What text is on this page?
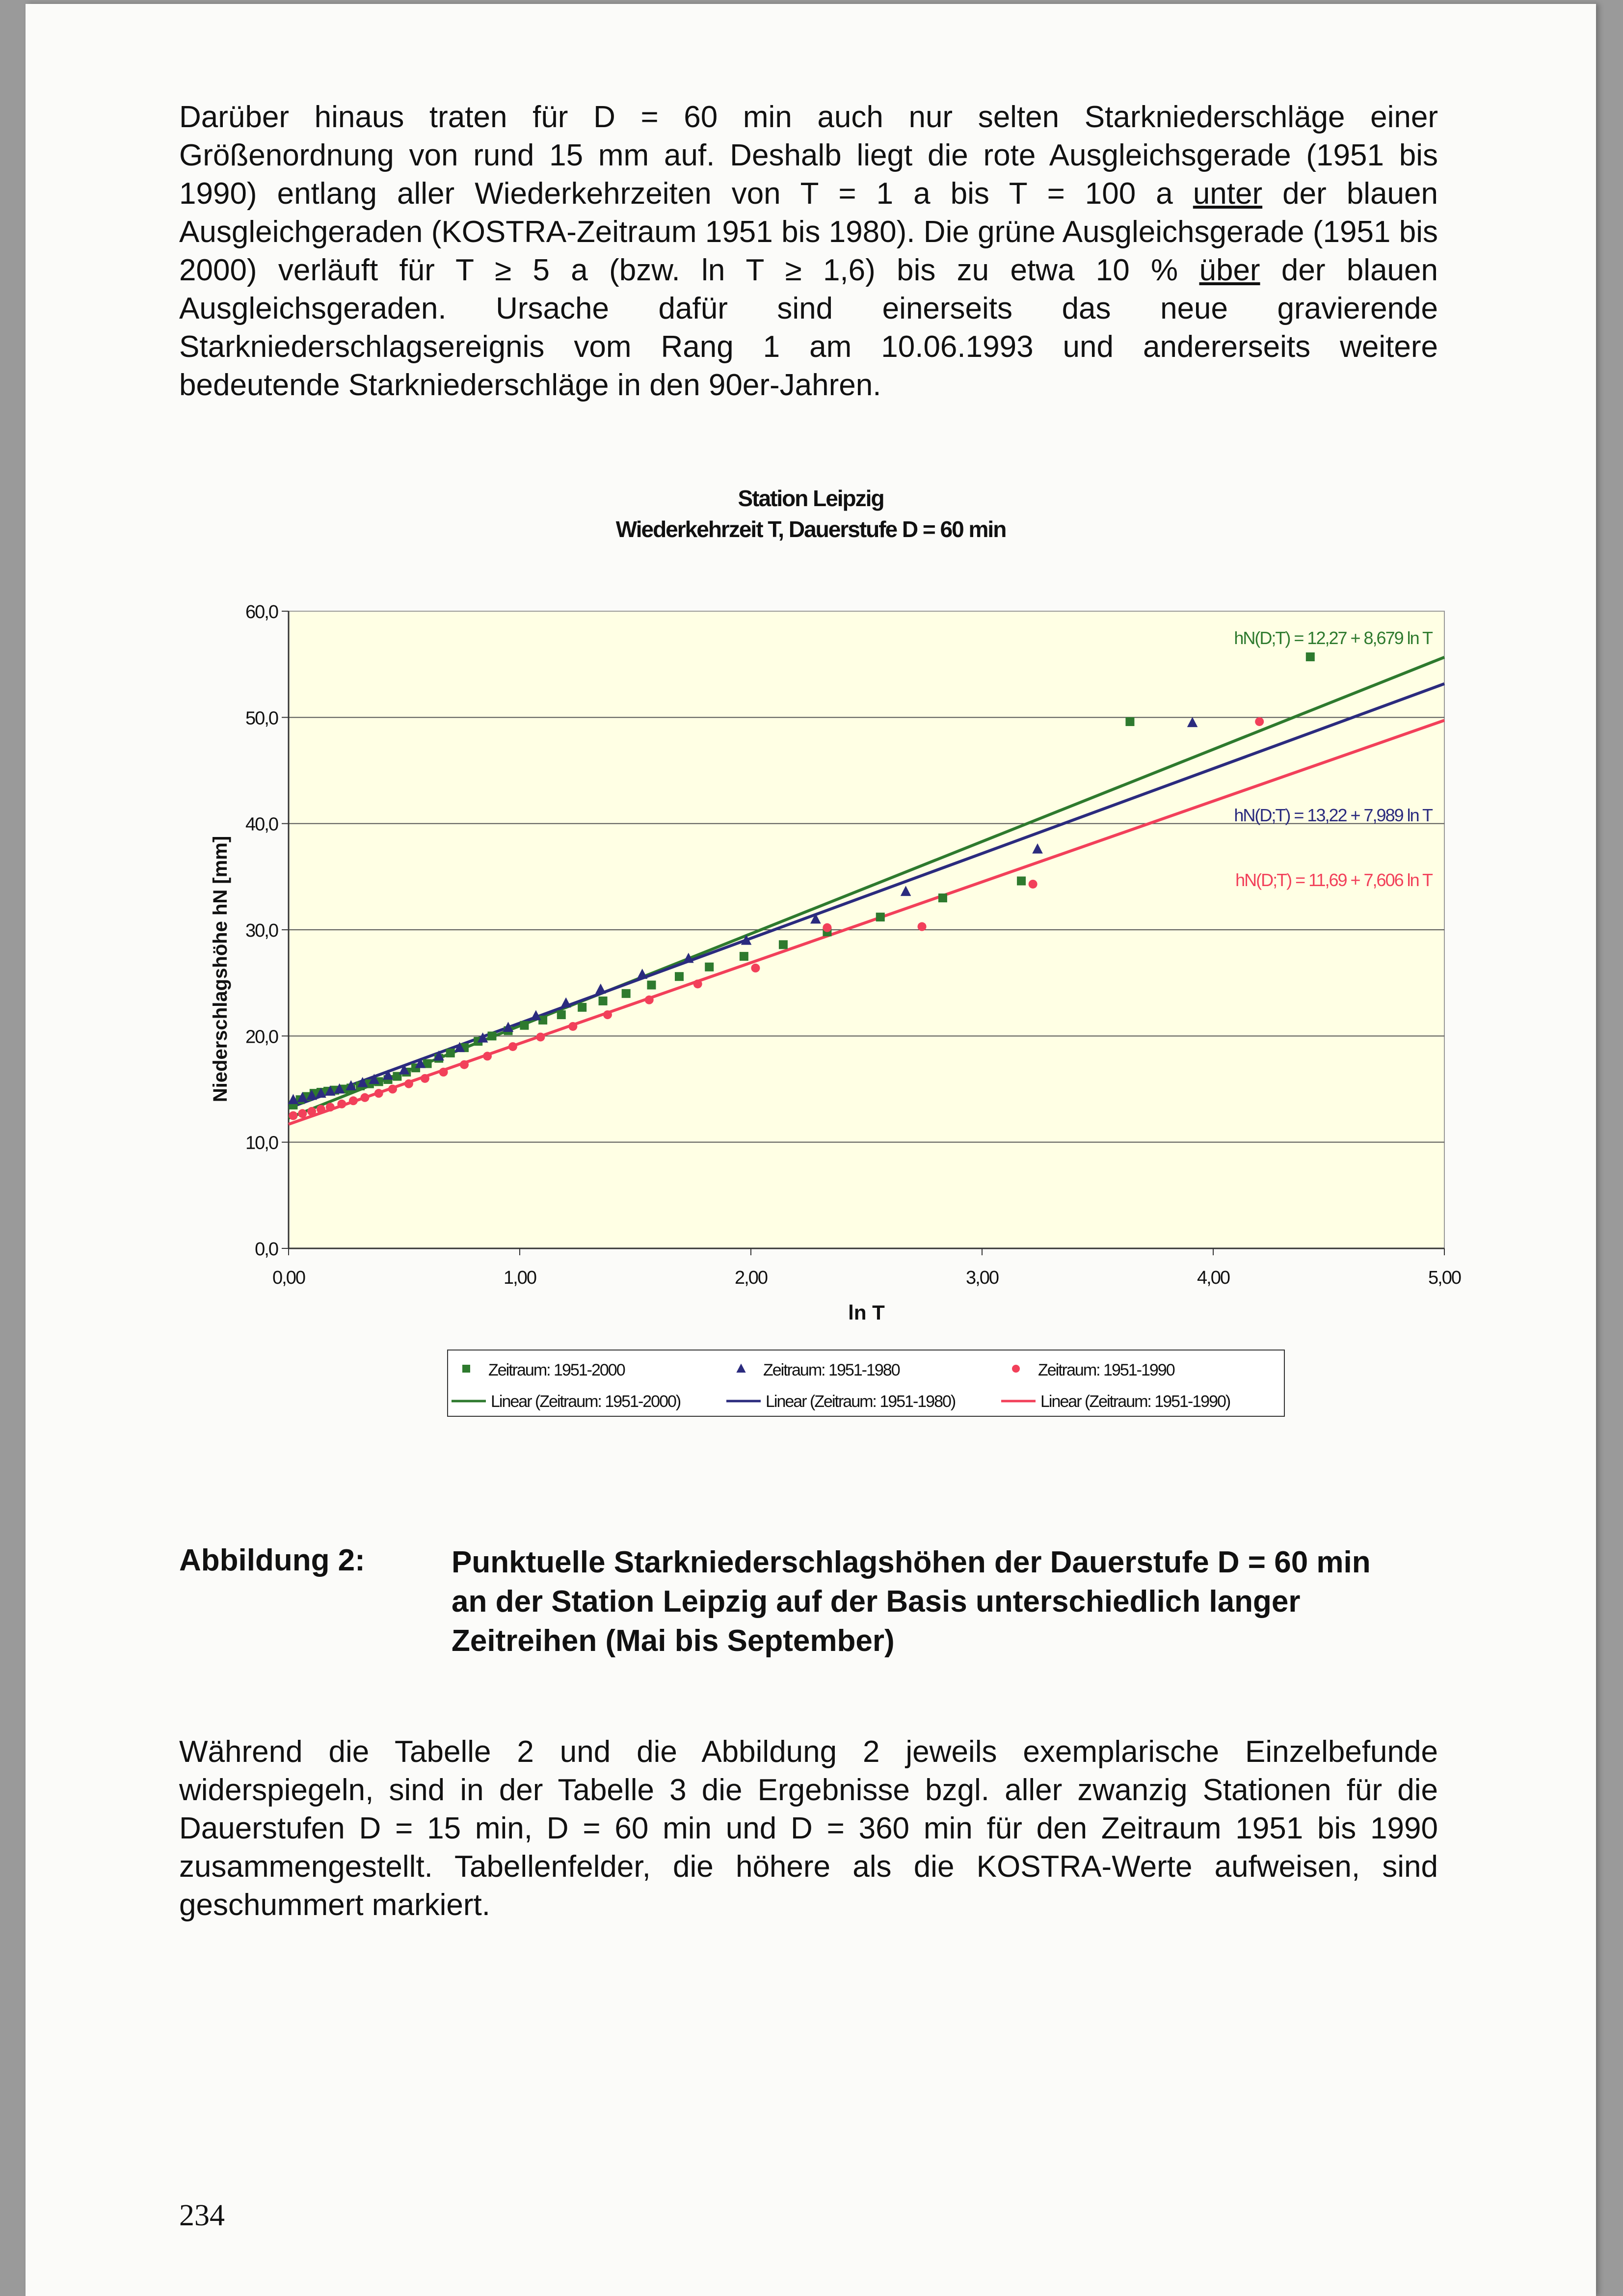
Darüber hinaus traten für D = 60 min auch nur selten Starkniederschläge einer Größenordnung von rund 15 mm auf. Deshalb liegt die rote Ausgleichsgerade (1951 bis 1990) entlang aller Wiederkehrzeiten von T = 1 a bis T = 100 a unter der blauen Ausgleichgeraden (KOSTRA-Zeitraum 1951 bis 1980). Die grüne Ausgleichsgerade (1951 bis 2000) verläuft für T ≥ 5 a (bzw. ln T ≥ 1,6) bis zu etwa 10 % über der blauen Ausgleichsgeraden. Ursache dafür sind einerseits das neue gravierende Starkniederschlagsereignis vom Rang 1 am 10.06.1993 und andererseits weitere bedeutende Starkniederschläge in den 90er-Jahren.

Station Leipzig
Wiederkehrzeit T, Dauerstufe D = 60 min
0,0
10,0
20,0
30,0
40,0
50,0
60,0
0,00	1,00	2,00	3,00	4,00	5,00
ln T
Niederschlagshöhe hN [mm]
hN(D;T) = 12,27 + 8,679 ln T
hN(D;T) = 13,22 + 7,989 ln T
hN(D;T) = 11,69 + 7,606 ln T
Zeitraum: 1951-2000	Zeitraum: 1951-1980	Zeitraum: 1951-1990
Linear (Zeitraum: 1951-2000)	Linear (Zeitraum: 1951-1980)	Linear (Zeitraum: 1951-1990)
Abbildung 2:	Punktuelle Starkniederschlagshöhen der Dauerstufe D = 60 min an der Station Leipzig auf der Basis unterschiedlich langer Zeitreihen (Mai bis September)

Während die Tabelle 2 und die Abbildung 2 jeweils exemplarische Einzelbefunde widerspiegeln, sind in der Tabelle 3 die Ergebnisse bzgl. aller zwanzig Stationen für die Dauerstufen D = 15 min, D = 60 min und D = 360 min für den Zeitraum 1951 bis 1990 zusammengestellt. Tabellenfelder, die höhere als die KOSTRA-Werte aufweisen, sind geschummert markiert.

234
